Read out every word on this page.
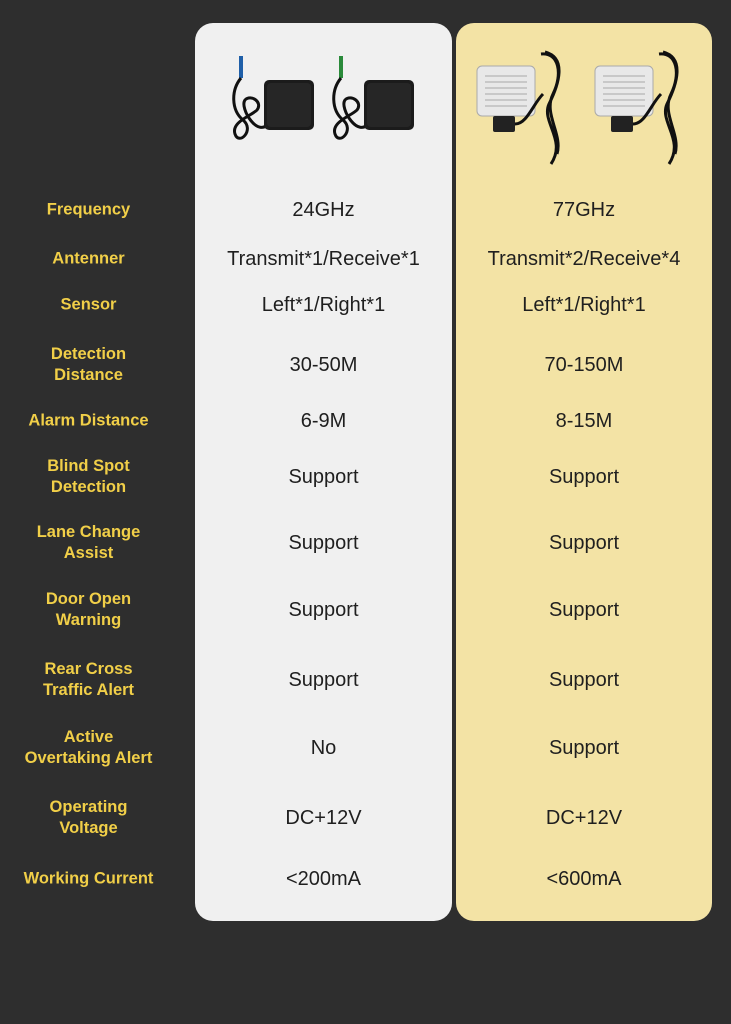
Frequency	24GHz	77GHz
Antenner	Transmit*1/Receive*1	Transmit*2/Receive*4
Sensor	Left*1/Right*1	Left*1/Right*1
Detection
Distance	30-50M	70-150M
Alarm Distance	6-9M	8-15M
Blind Spot
Detection	Support	Support
Lane Change
Assist	Support	Support
Door Open
Warning	Support	Support
Rear Cross
Traffic Alert	Support	Support
Active
Overtaking Alert	No	Support
Operating
Voltage	DC+12V	DC+12V
Working Current	<200mA	<600mA
